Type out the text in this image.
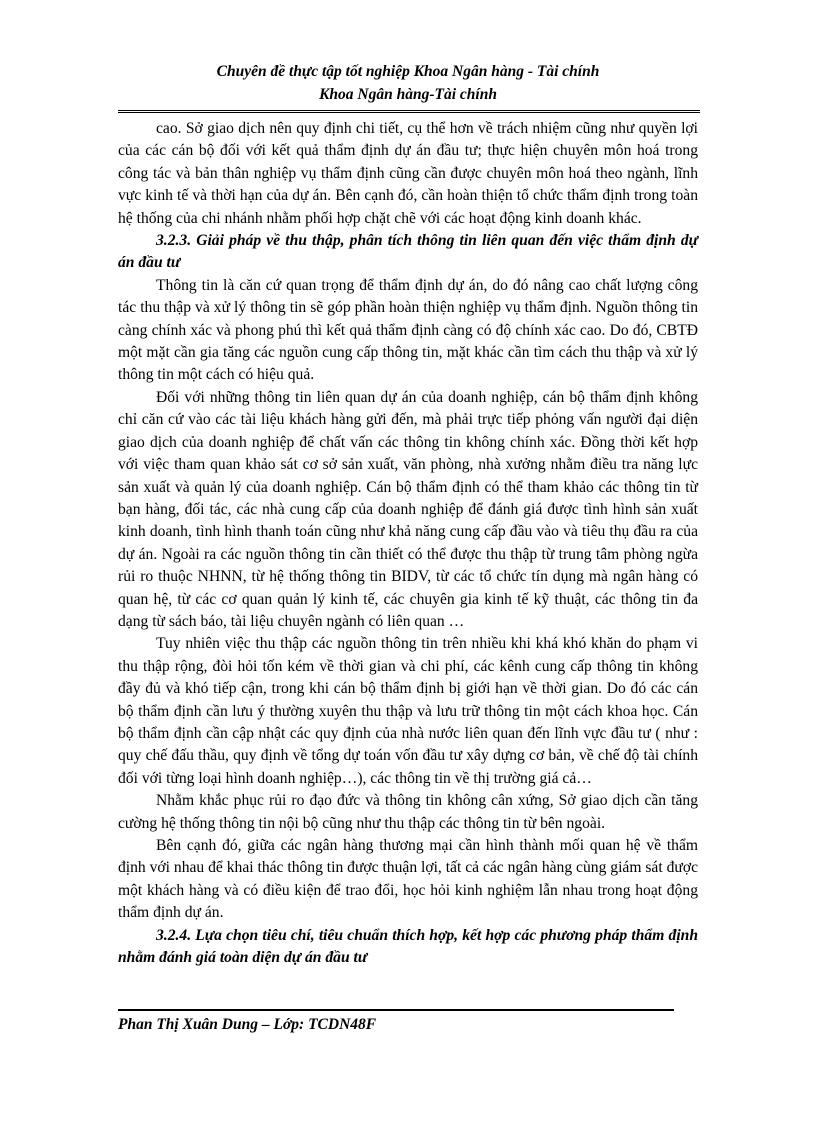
Chuyên đề thực tập tốt nghiệp Khoa Ngân hàng - Tài chính
Khoa Ngân hàng-Tài chính

cao. Sở giao dịch nên quy định chi tiết, cụ thể hơn về trách nhiệm cũng như quyền lợi của các cán bộ đối với kết quả thẩm định dự án đầu tư; thực hiện chuyên môn hoá trong công tác và bản thân nghiệp vụ thẩm định cũng cần được chuyên môn hoá theo ngành, lĩnh vực kinh tế và thời hạn của dự án. Bên cạnh đó, cần hoàn thiện tổ chức thẩm định trong toàn hệ thống của chi nhánh nhằm phối hợp chặt chẽ với các hoạt động kinh doanh khác.

3.2.3. Giải pháp về thu thập, phân tích thông tin liên quan đến việc thẩm định dự án đầu tư

Thông tin là căn cứ quan trọng để thẩm định dự án, do đó nâng cao chất lượng công tác thu thập và xử lý thông tin sẽ góp phần hoàn thiện nghiệp vụ thẩm định. Nguồn thông tin càng chính xác và phong phú thì kết quả thẩm định càng có độ chính xác cao. Do đó, CBTĐ một mặt cần gia tăng các nguồn cung cấp thông tin, mặt khác cần tìm cách thu thập và xử lý thông tin một cách có hiệu quả.

Đối với những thông tin liên quan dự án của doanh nghiệp, cán bộ thẩm định không chỉ căn cứ vào các tài liệu khách hàng gửi đến, mà phải trực tiếp phỏng vấn người đại diện giao dịch của doanh nghiệp để chất vấn các thông tin không chính xác. Đồng thời kết hợp với việc tham quan khảo sát cơ sở sản xuất, văn phòng, nhà xưởng nhằm điều tra năng lực sản xuất và quản lý của doanh nghiệp. Cán bộ thẩm định có thể tham khảo các thông tin từ bạn hàng, đối tác, các nhà cung cấp của doanh nghiệp để đánh giá được tình hình sản xuất kinh doanh, tình hình thanh toán cũng như khả năng cung cấp đầu vào và tiêu thụ đầu ra của dự án. Ngoài ra các nguồn thông tin cần thiết có thể được thu thập từ trung tâm phòng ngừa rủi ro thuộc NHNN, từ hệ thống thông tin BIDV, từ các tổ chức tín dụng mà ngân hàng có quan hệ, từ các cơ quan quản lý kinh tế, các chuyên gia kinh tế kỹ thuật, các thông tin đa dạng từ sách báo, tài liệu chuyên ngành có liên quan …

Tuy nhiên việc thu thập các nguồn thông tin trên nhiều khi khá khó khăn do phạm vi thu thập rộng, đòi hỏi tốn kém về thời gian và chi phí, các kênh cung cấp thông tin không đầy đủ và khó tiếp cận, trong khi cán bộ thẩm định bị giới hạn về thời gian. Do đó các cán bộ thẩm định cần lưu ý thường xuyên thu thập và lưu trữ thông tin một cách khoa học. Cán bộ thẩm định cần cập nhật các quy định của nhà nước liên quan đến lĩnh vực đầu tư ( như : quy chế đấu thầu, quy định về tổng dự toán vốn đầu tư xây dựng cơ bản, về chế độ tài chính đối với từng loại hình doanh nghiệp…), các thông tin về thị trường giá cả…

Nhằm khắc phục rủi ro đạo đức và thông tin không cân xứng, Sở giao dịch cần tăng cường hệ thống thông tin nội bộ cũng như thu thập các thông tin từ bên ngoài.

Bên cạnh đó, giữa các ngân hàng thương mại cần hình thành mối quan hệ về thẩm định với nhau để khai thác thông tin được thuận lợi, tất cả các ngân hàng cùng giám sát được một khách hàng và có điều kiện để trao đổi, học hỏi kinh nghiệm lẫn nhau trong hoạt động thẩm định dự án.

3.2.4. Lựa chọn tiêu chí, tiêu chuẩn thích hợp, kết hợp các phương pháp thẩm định nhằm đánh giá toàn diện dự án đầu tư

Phan Thị Xuân Dung – Lớp: TCDN48F
